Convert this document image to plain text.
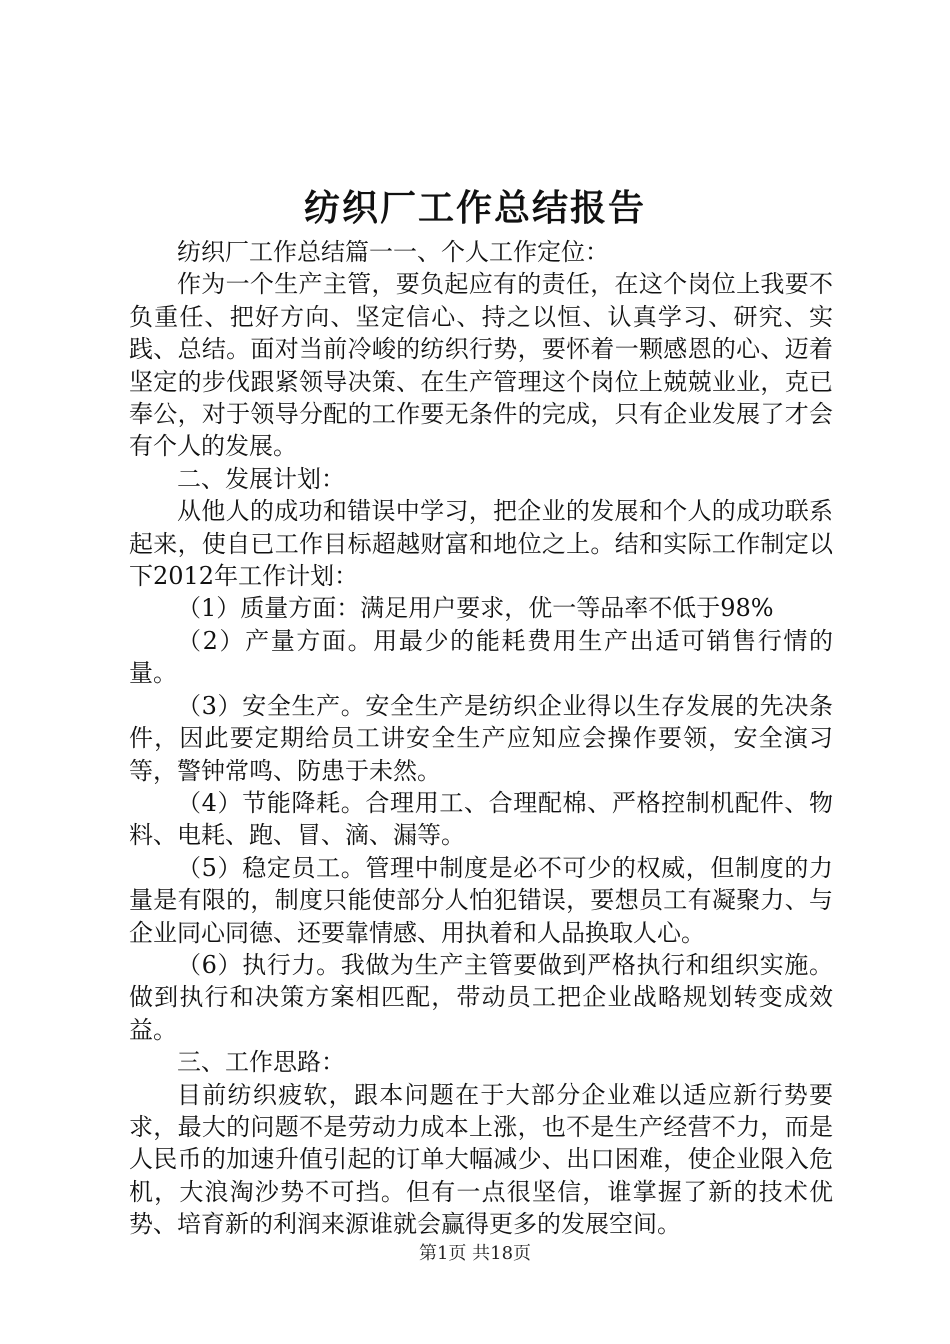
纺织厂工作总结报告

纺织厂工作总结篇一一、个人工作定位：

作为一个生产主管，要负起应有的责任，在这个岗位上我要不负重任、把好方向、坚定信心、持之以恒、认真学习、研究、实践、总结。面对当前冷峻的纺织行势，要怀着一颗感恩的心、迈着坚定的步伐跟紧领导决策、在生产管理这个岗位上兢兢业业，克已奉公，对于领导分配的工作要无条件的完成，只有企业发展了才会有个人的发展。

二、发展计划：

从他人的成功和错误中学习，把企业的发展和个人的成功联系起来，使自已工作目标超越财富和地位之上。结和实际工作制定以下2012年工作计划：

（1）质量方面：满足用户要求，优一等品率不低于98%

（2）产量方面。用最少的能耗费用生产出适可销售行情的量。

（3）安全生产。安全生产是纺织企业得以生存发展的先决条件，因此要定期给员工讲安全生产应知应会操作要领，安全演习等，警钟常鸣、防患于未然。

（4）节能降耗。合理用工、合理配棉、严格控制机配件、物料、电耗、跑、冒、滴、漏等。

（5）稳定员工。管理中制度是必不可少的权威，但制度的力量是有限的，制度只能使部分人怕犯错误，要想员工有凝聚力、与企业同心同德、还要靠情感、用执着和人品换取人心。

（6）执行力。我做为生产主管要做到严格执行和组织实施。做到执行和决策方案相匹配，带动员工把企业战略规划转变成效益。

三、工作思路：

目前纺织疲软，跟本问题在于大部分企业难以适应新行势要求，最大的问题不是劳动力成本上涨，也不是生产经营不力，而是人民币的加速升值引起的订单大幅减少、出口困难，使企业限入危机，大浪淘沙势不可挡。但有一点很坚信，谁掌握了新的技术优势、培育新的利润来源谁就会赢得更多的发展空间。

第1页 共18页
